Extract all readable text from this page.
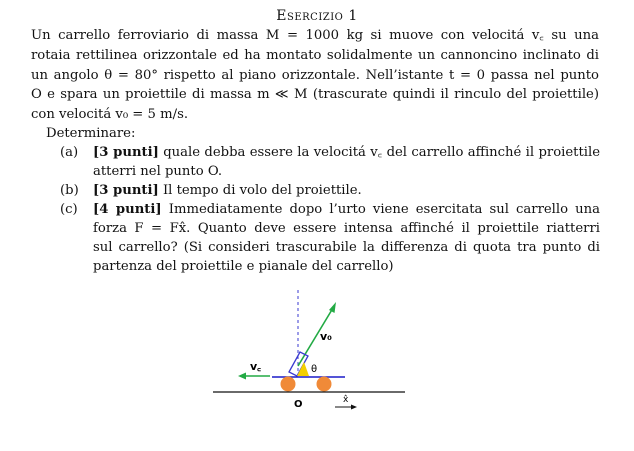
Esercizio 1

Un carrello ferroviario di massa M = 1000 kg si muove con velocitá v꜀ su una

rotaia rettilinea orizzontale ed ha montato solidalmente un cannoncino inclinato di

un angolo θ = 80° rispetto al piano orizzontale. Nell’istante t = 0 passa nel punto

O e spara un proiettile di massa m ≪ M (trascurate quindi il rinculo del proiettile)

con velocitá v₀ = 5 m/s.

Determinare:
(a) [3 punti] quale debba essere la velocitá v꜀ del carrello affinché il proiettile
atterri nel punto O.
(b) [3 punti] Il tempo di volo del proiettile.
(c) [4 punti] Immediatamente dopo l’urto viene esercitata sul carrello una
forza F = Fx̂. Quanto deve essere intensa affinché il proiettile riatterri
sul carrello? (Si consideri trascurabile la differenza di quota tra punto di
partenza del proiettile e pianale del carrello)
v₀
θ
v꜀
O	x̂
